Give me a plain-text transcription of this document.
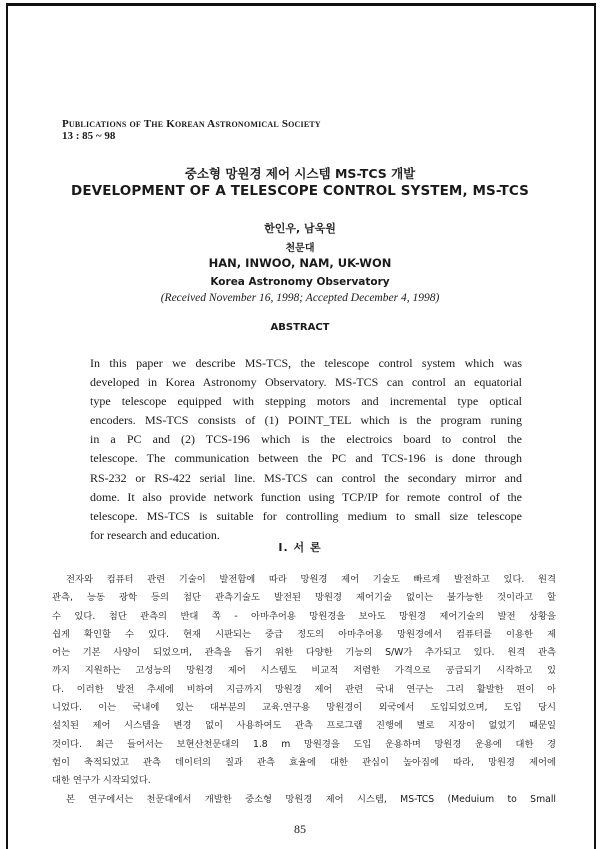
Publications of The Korean Astronomical Society
13 : 85 ~ 98
중소형 망원경 제어 시스템 MS-TCS 개발
DEVELOPMENT OF A TELESCOPE CONTROL SYSTEM, MS-TCS
한인우, 남욱원
천문대
HAN, INWOO, NAM, UK-WON
Korea Astronomy Observatory
(Received November 16, 1998; Accepted December 4, 1998)
ABSTRACT
In this paper we describe MS-TCS, the telescope control system which was
developed in Korea Astronomy Observatory. MS-TCS can control an equatorial
type telescope equipped with stepping motors and incremental type optical
encoders. MS-TCS consists of (1) POINT_TEL which is the program runing
in a PC and (2) TCS-196 which is the electroics board to control the
telescope. The communication between the PC and TCS-196 is done through
RS-232 or RS-422 serial line. MS-TCS can control the secondary mirror and
dome. It also provide network function using TCP/IP for remote control of the
telescope. MS-TCS is suitable for controlling medium to small size telescope
for research and education.
I. 서 론
전자와 컴퓨터 관련 기술이 발전함에 따라 망원경 제어 기술도 빠르게 발전하고 있다. 원격
관측, 능동 광학 등의 첨단 관측기술도 발전된 망원경 제어기술 없이는 불가능한 것이라고 할
수 있다. 첨단 관측의 반대 쪽 - 아마추어용 망원경을 보아도 망원경 제어기술의 발전 상황을
쉽게 확인할 수 있다. 현재 시판되는 중급 정도의 아마추어용 망원경에서 컴퓨터를 이용한 제
어는 기본 사양이 되었으며, 관측을 돕기 위한 다양한 기능의 S/W가 추가되고 있다. 원격 관측
까지 지원하는 고성능의 망원경 제어 시스템도 비교적 저렴한 가격으로 공급되기 시작하고 있
다. 이러한 발전 추세에 비하여 지금까지 망원경 제어 관련 국내 연구는 그리 활발한 편이 아
니었다. 이는 국내에 있는 대부분의 교육.연구용 망원경이 외국에서 도입되었으며, 도입 당시
설치된 제어 시스템을 변경 없이 사용하여도 관측 프로그램 진행에 별로 지장이 없었기 때문일
것이다. 최근 들어서는 보현산천문대의 1.8 m 망원경을 도입 운용하며 망원경 운용에 대한 경
험이 축적되었고 관측 데이터의 질과 관측 효율에 대한 관심이 높아짐에 따라, 망원경 제어에
대한 연구가 시작되었다.
본 연구에서는 천문대에서 개발한 중소형 망원경 제어 시스템, MS-TCS (Meduium to Small
85
